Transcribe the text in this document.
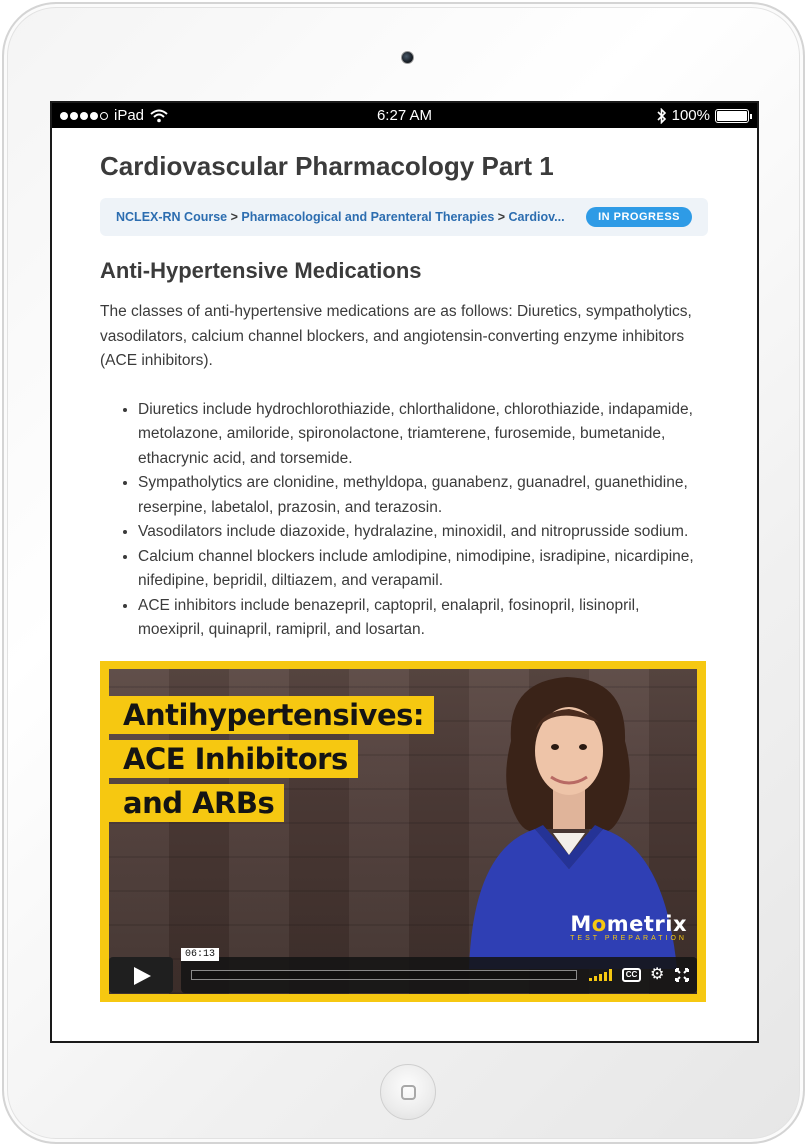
iPad	6:27 AM	100%
Cardiovascular Pharmacology Part 1
NCLEX-RN Course > Pharmacological and Parenteral Therapies > Cardiov...	IN PROGRESS
Anti-Hypertensive Medications

The classes of anti-hypertensive medications are as follows: Diuretics, sympatholytics, vasodilators, calcium channel blockers, and angiotensin-converting enzyme inhibitors (ACE inhibitors).

• Diuretics include hydrochlorothiazide, chlorthalidone, chlorothiazide, indapamide, metolazone, amiloride, spironolactone, triamterene, furosemide, bumetanide, ethacrynic acid, and torsemide.
• Sympatholytics are clonidine, methyldopa, guanabenz, guanadrel, guanethidine, reserpine, labetalol, prazosin, and terazosin.
• Vasodilators include diazoxide, hydralazine, minoxidil, and nitroprusside sodium.
• Calcium channel blockers include amlodipine, nimodipine, isradipine, nicardipine, nifedipine, bepridil, diltiazem, and verapamil.
• ACE inhibitors include benazepril, captopril, enalapril, fosinopril, lisinopril, moexipril, quinapril, ramipril, and losartan.
Antihypertensives:
ACE Inhibitors
and ARBs
Mometrix
TEST PREPARATION
06:13
CC ⚙
